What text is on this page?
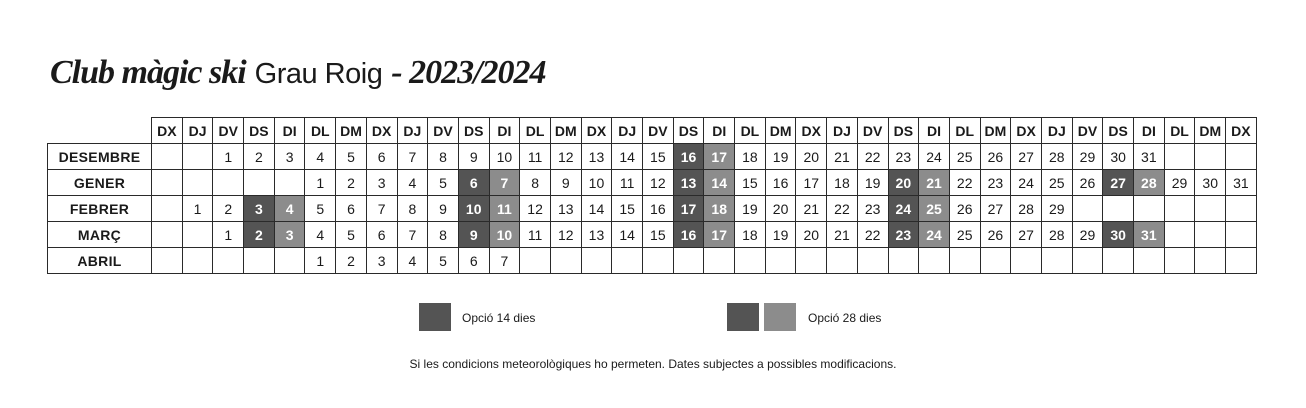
Club màgic ski Grau Roig - 2023/2024
	DX	DJ	DV	DS	DI	DL	DM	DX	DJ	DV	DS	DI	DL	DM	DX	DJ	DV	DS	DI	DL	DM	DX	DJ	DV	DS	DI	DL	DM	DX	DJ	DV	DS	DI	DL	DM	DX
DESEMBRE			1	2	3	4	5	6	7	8	9	10	11	12	13	14	15	16	17	18	19	20	21	22	23	24	25	26	27	28	29	30	31			
GENER						1	2	3	4	5	6	7	8	9	10	11	12	13	14	15	16	17	18	19	20	21	22	23	24	25	26	27	28	29	30	31
FEBRER		1	2	3	4	5	6	7	8	9	10	11	12	13	14	15	16	17	18	19	20	21	22	23	24	25	26	27	28	29						
MARÇ			1	2	3	4	5	6	7	8	9	10	11	12	13	14	15	16	17	18	19	20	21	22	23	24	25	26	27	28	29	30	31			
ABRIL						1	2	3	4	5	6	7																								
Opció 14 dies	Opció 28 dies
Si les condicions meteorològiques ho permeten. Dates subjectes a possibles modificacions.
